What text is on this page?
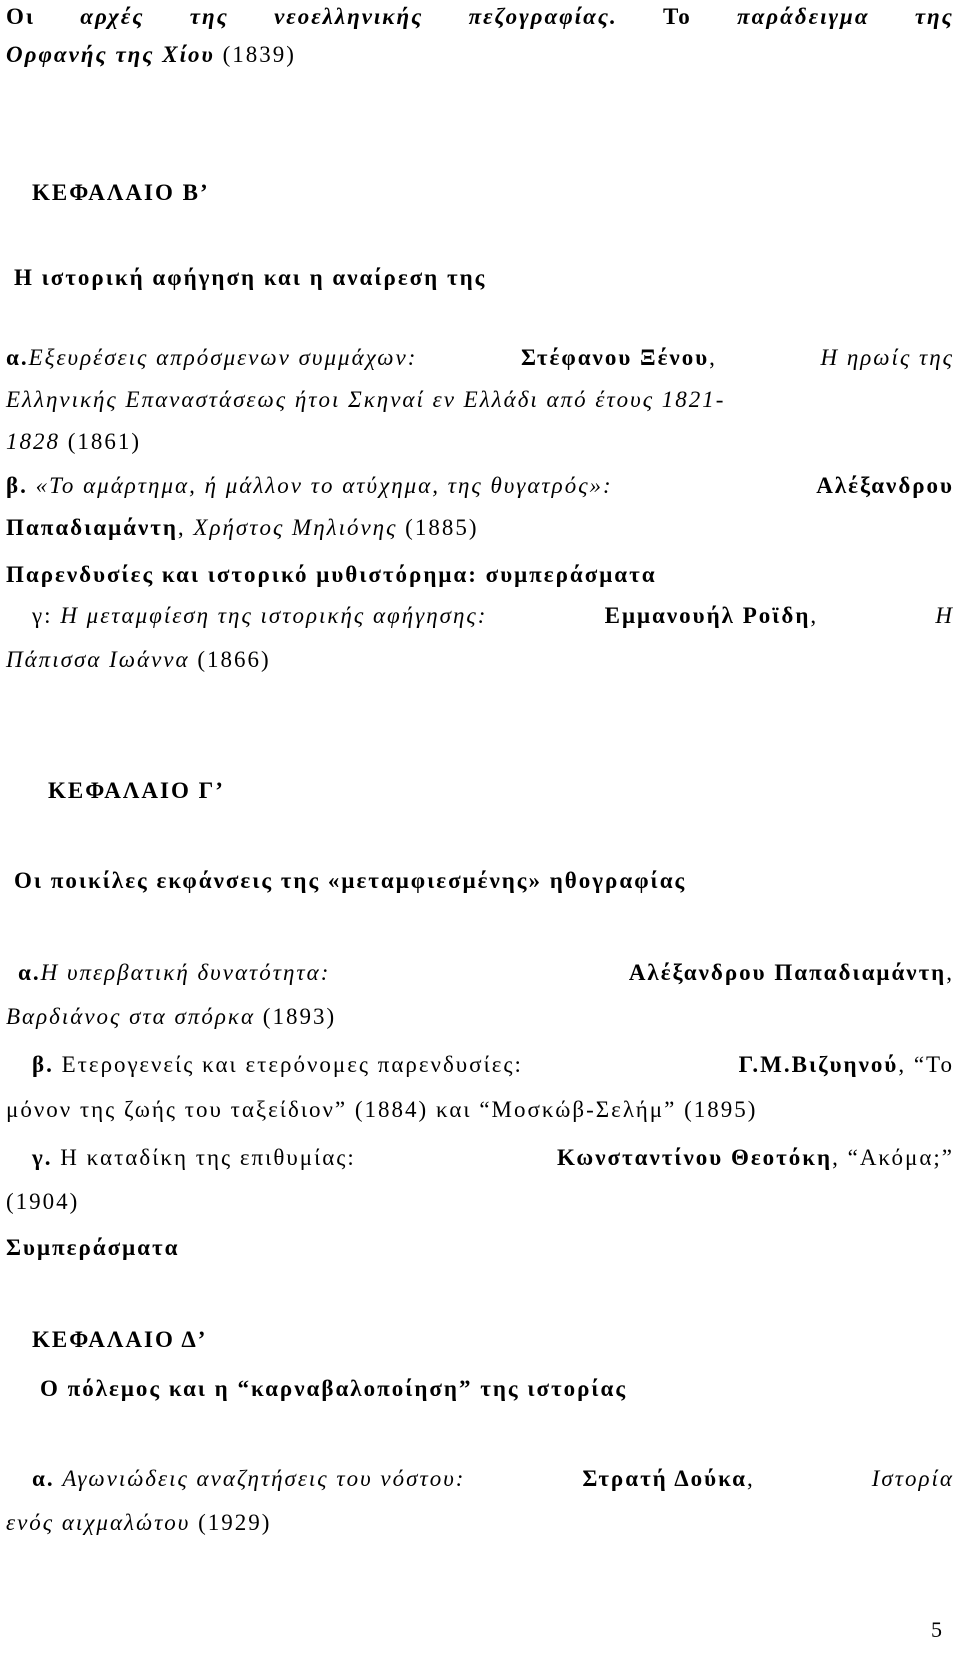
Οι αρχές της νεοελληνικής πεζογραφίας. Το παράδειγμα της
Ορφανής της Χίου (1839)
ΚΕΦΑΛΑΙΟ Β’
Η ιστορική αφήγηση και η αναίρεση της
α.Εξευρέσεις απρόσμενων συμμάχων:	Στέφανου Ξένου,	Η ηρωίς της
Ελληνικής Επαναστάσεως ήτοι Σκηναί εν Ελλάδι από έτους 1821-
1828 (1861)
β. «Το αμάρτημα, ή μάλλον το ατύχημα, της θυγατρός»:	Αλέξανδρου
Παπαδιαμάντη, Χρήστος Μηλιόνης (1885)
Παρενδυσίες και ιστορικό μυθιστόρημα: συμπεράσματα
γ: Η μεταμφίεση της ιστορικής αφήγησης:	Εμμανουήλ Ροϊδη,	Η
Πάπισσα Ιωάννα (1866)
ΚΕΦΑΛΑΙΟ Γ’
Οι ποικίλες εκφάνσεις της «μεταμφιεσμένης» ηθογραφίας
α.Η υπερβατική δυνατότητα:	Αλέξανδρου Παπαδιαμάντη,
Βαρδιάνος στα σπόρκα (1893)
β. Ετερογενείς και ετερόνομες παρενδυσίες:	Γ.Μ.Βιζυηνού, “Το
μόνον της ζωής του ταξείδιον” (1884) και “Μοσκώβ-Σελήμ” (1895)
γ. Η καταδίκη της επιθυμίας:	Κωνσταντίνου Θεοτόκη, “Ακόμα;”
(1904)
Συμπεράσματα
ΚΕΦΑΛΑΙΟ Δ’
Ο πόλεμος και η “καρναβαλοποίηση” της ιστορίας
α. Αγωνιώδεις αναζητήσεις του νόστου:	Στρατή Δούκα,	Ιστορία
ενός αιχμαλώτου (1929)
5
